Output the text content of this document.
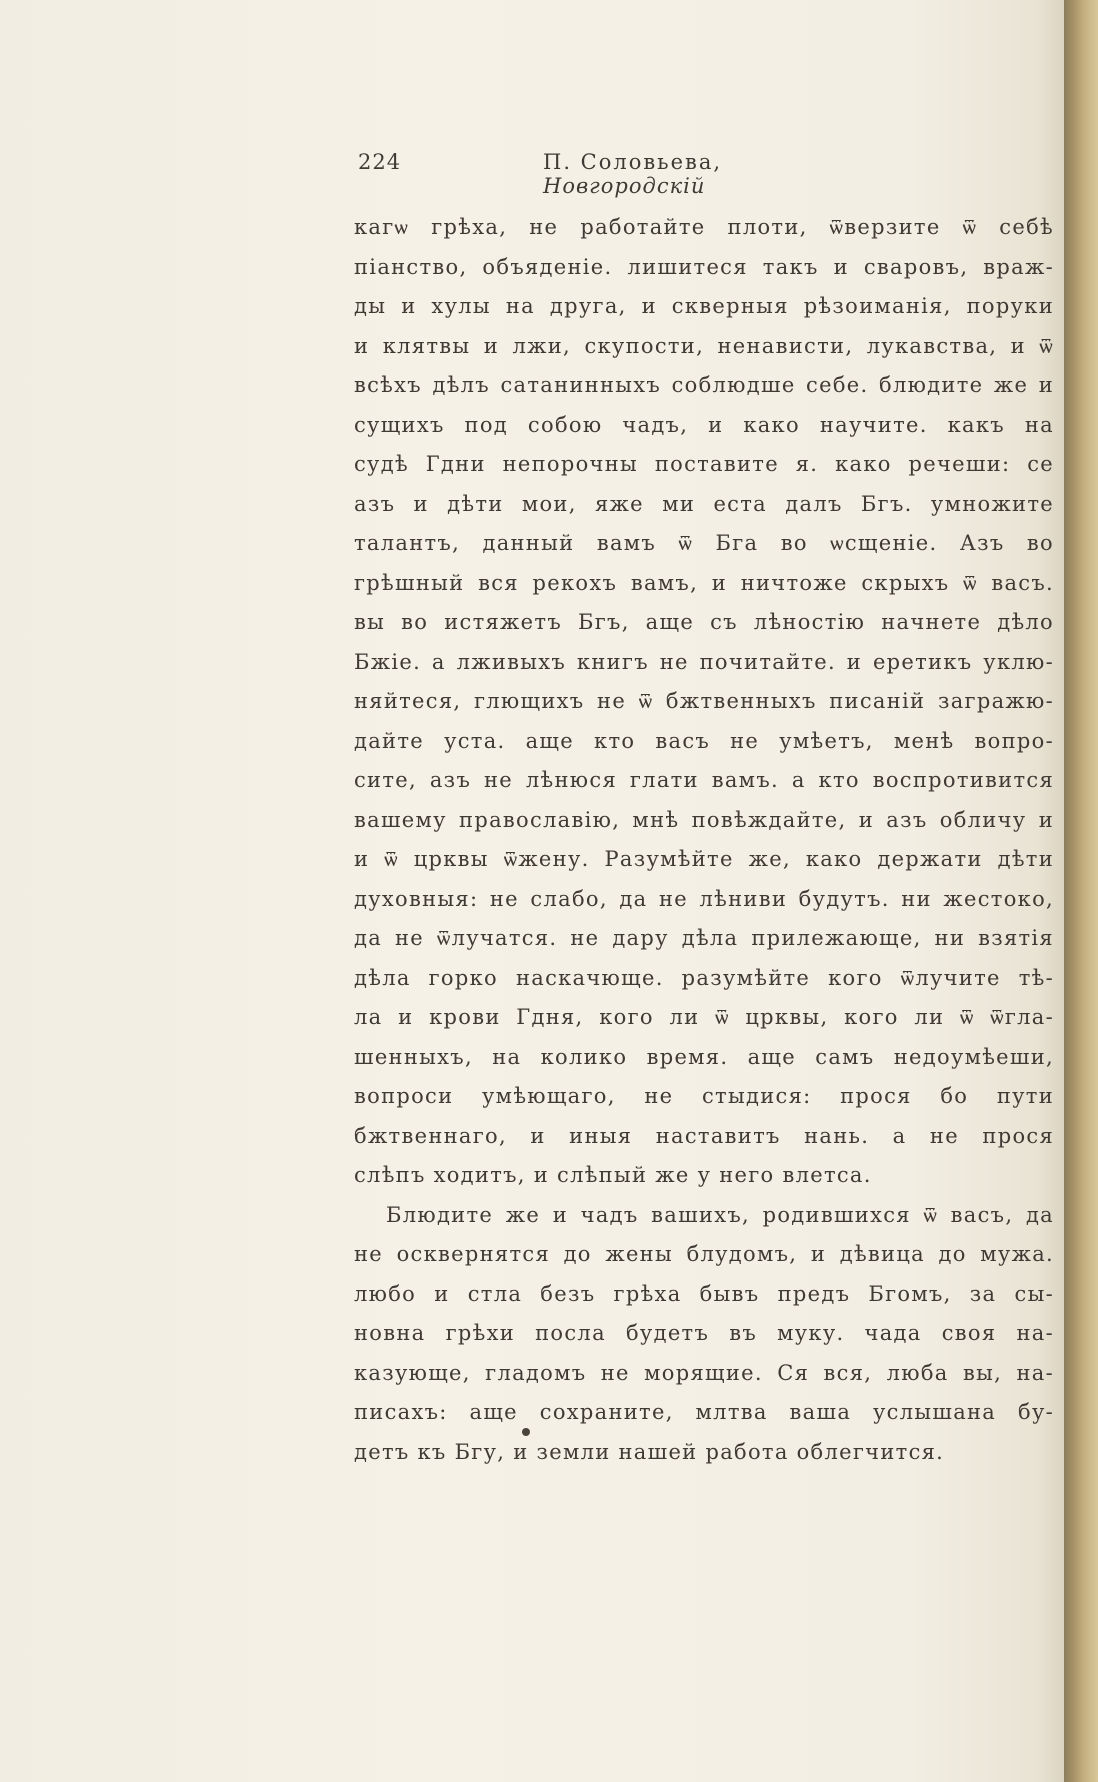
224	П. Соловьева, Новгородскiй
кагѡ грѣха, не работайте плоти, ѿверзите ѿ себѣ
пiанство, объяденiе. лишитеся такъ и сваровъ, враж-
ды и хулы на друга, и скверныя рѣзоиманiя, поруки
и клятвы и лжи, скупости, ненависти, лукавства, и ѿ
всѣхъ дѣлъ сатанинныхъ соблюдше себе. блюдите же и
сущихъ под собою чадъ, и како научите. какъ на
судѣ Гдни непорочны поставите я. како речеши: се
азъ и дѣти мои, яже ми еста далъ Бгъ. умножите
талантъ, данный вамъ ѿ Бга во ѡсщенiе. Азъ во
грѣшный вся рекохъ вамъ, и ничтоже скрыхъ ѿ васъ.
вы во истяжетъ Бгъ, аще съ лѣностiю начнете дѣло
Бжiе. а лживыхъ книгъ не почитайте. и еретикъ уклю-
няйтеся, глющихъ не ѿ бжтвенныхъ писанiй загражю-
дайте уста. аще кто васъ не умѣетъ, менѣ вопро-
сите, азъ не лѣнюся глати вамъ. а кто воспротивится
вашему православiю, мнѣ повѣждайте, и азъ обличу и
и ѿ црквы ѿжену. Разумѣйте же, како держати дѣти
духовныя: не слабо, да не лѣниви будутъ. ни жестоко,
да не ѿлучатся. не дару дѣла прилежающе, ни взятiя
дѣла горко наскачюще. разумѣйте кого ѿлучите тѣ-
ла и крови Гдня, кого ли ѿ црквы, кого ли ѿ ѿгла-
шенныхъ, на колико время. аще самъ недоумѣеши,
вопроси умѣющаго, не стыдися: прося бо пути
бжтвеннаго, и иныя наставитъ нань. а не прося
слѣпъ ходитъ, и слѣпый же у него влетса.
Блюдите же и чадъ вашихъ, родившихся ѿ васъ, да
не осквернятся до жены блудомъ, и дѣвица до мужа.
любо и стла безъ грѣха бывъ предъ Бгомъ, за сы-
новна грѣхи посла будетъ въ муку. чада своя на-
казующе, гладомъ не морящие. Ся вся, люба вы, на-
писахъ: аще сохраните, млтва ваша услышана бу-
детъ къ Бгу, и земли нашей работа облегчится.
